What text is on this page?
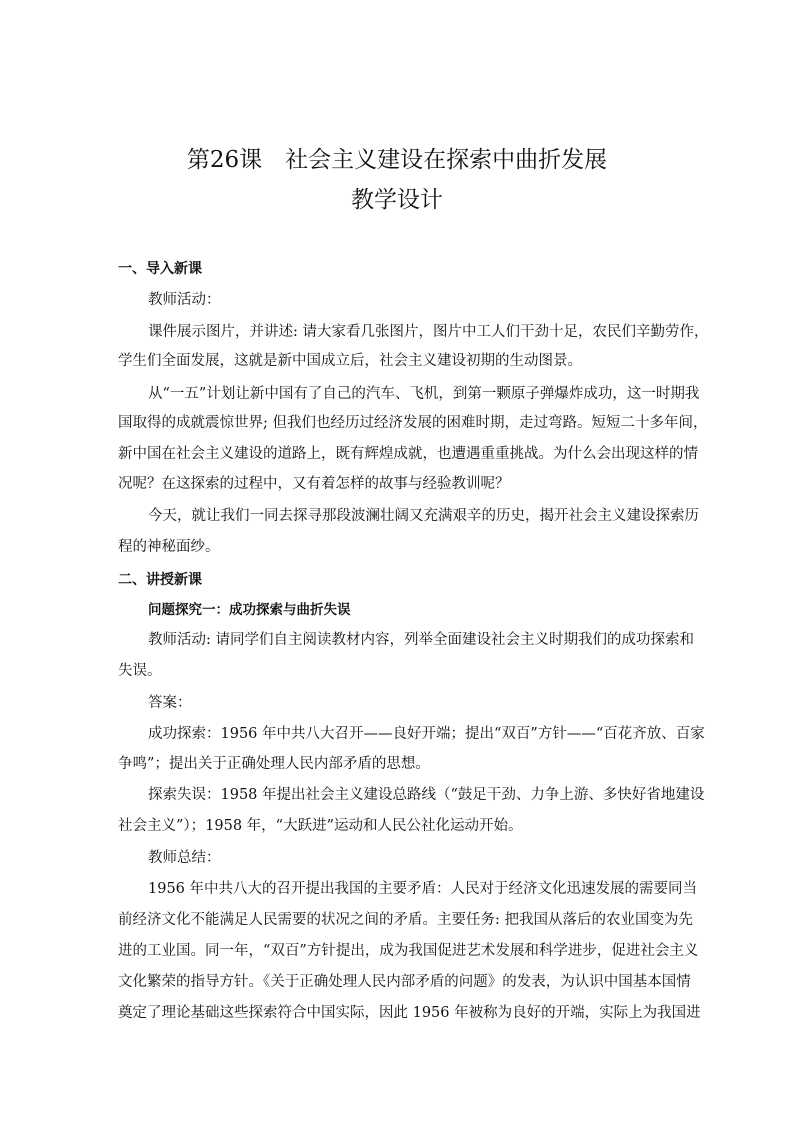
第26课　社会主义建设在探索中曲折发展
教学设计
一、导入新课
教师活动：
课件展示图片，并讲述: 请大家看几张图片，图片中工人们干劲十足，农民们辛勤劳作，
学生们全面发展，这就是新中国成立后，社会主义建设初期的生动图景。
从“一五”计划让新中国有了自己的汽车、飞机，到第一颗原子弹爆炸成功，这一时期我
国取得的成就震惊世界; 但我们也经历过经济发展的困难时期，走过弯路。短短二十多年间，
新中国在社会主义建设的道路上，既有辉煌成就，也遭遇重重挑战。为什么会出现这样的情
况呢？在这探索的过程中，又有着怎样的故事与经验教训呢？
今天，就让我们一同去探寻那段波澜壮阔又充满艰辛的历史，揭开社会主义建设探索历
程的神秘面纱。
二、讲授新课
问题探究一：成功探索与曲折失误
教师活动: 请同学们自主阅读教材内容，列举全面建设社会主义时期我们的成功探索和
失误。
答案：
成功探索：1956 年中共八大召开——良好开端；提出“双百”方针——“百花齐放、百家
争鸣”；提出关于正确处理人民内部矛盾的思想。
探索失误：1958 年提出社会主义建设总路线（“鼓足干劲、力争上游、多快好省地建设
社会主义”）；1958 年，“大跃进”运动和人民公社化运动开始。
教师总结：
1956 年中共八大的召开提出我国的主要矛盾：人民对于经济文化迅速发展的需要同当
前经济文化不能满足人民需要的状况之间的矛盾。主要任务: 把我国从落后的农业国变为先
进的工业国。同一年，“双百”方针提出，成为我国促进艺术发展和科学进步，促进社会主义
文化繁荣的指导方针。《关于正确处理人民内部矛盾的问题》的发表，为认识中国基本国情
奠定了理论基础这些探索符合中国实际，因此 1956 年被称为良好的开端，实际上为我国进
